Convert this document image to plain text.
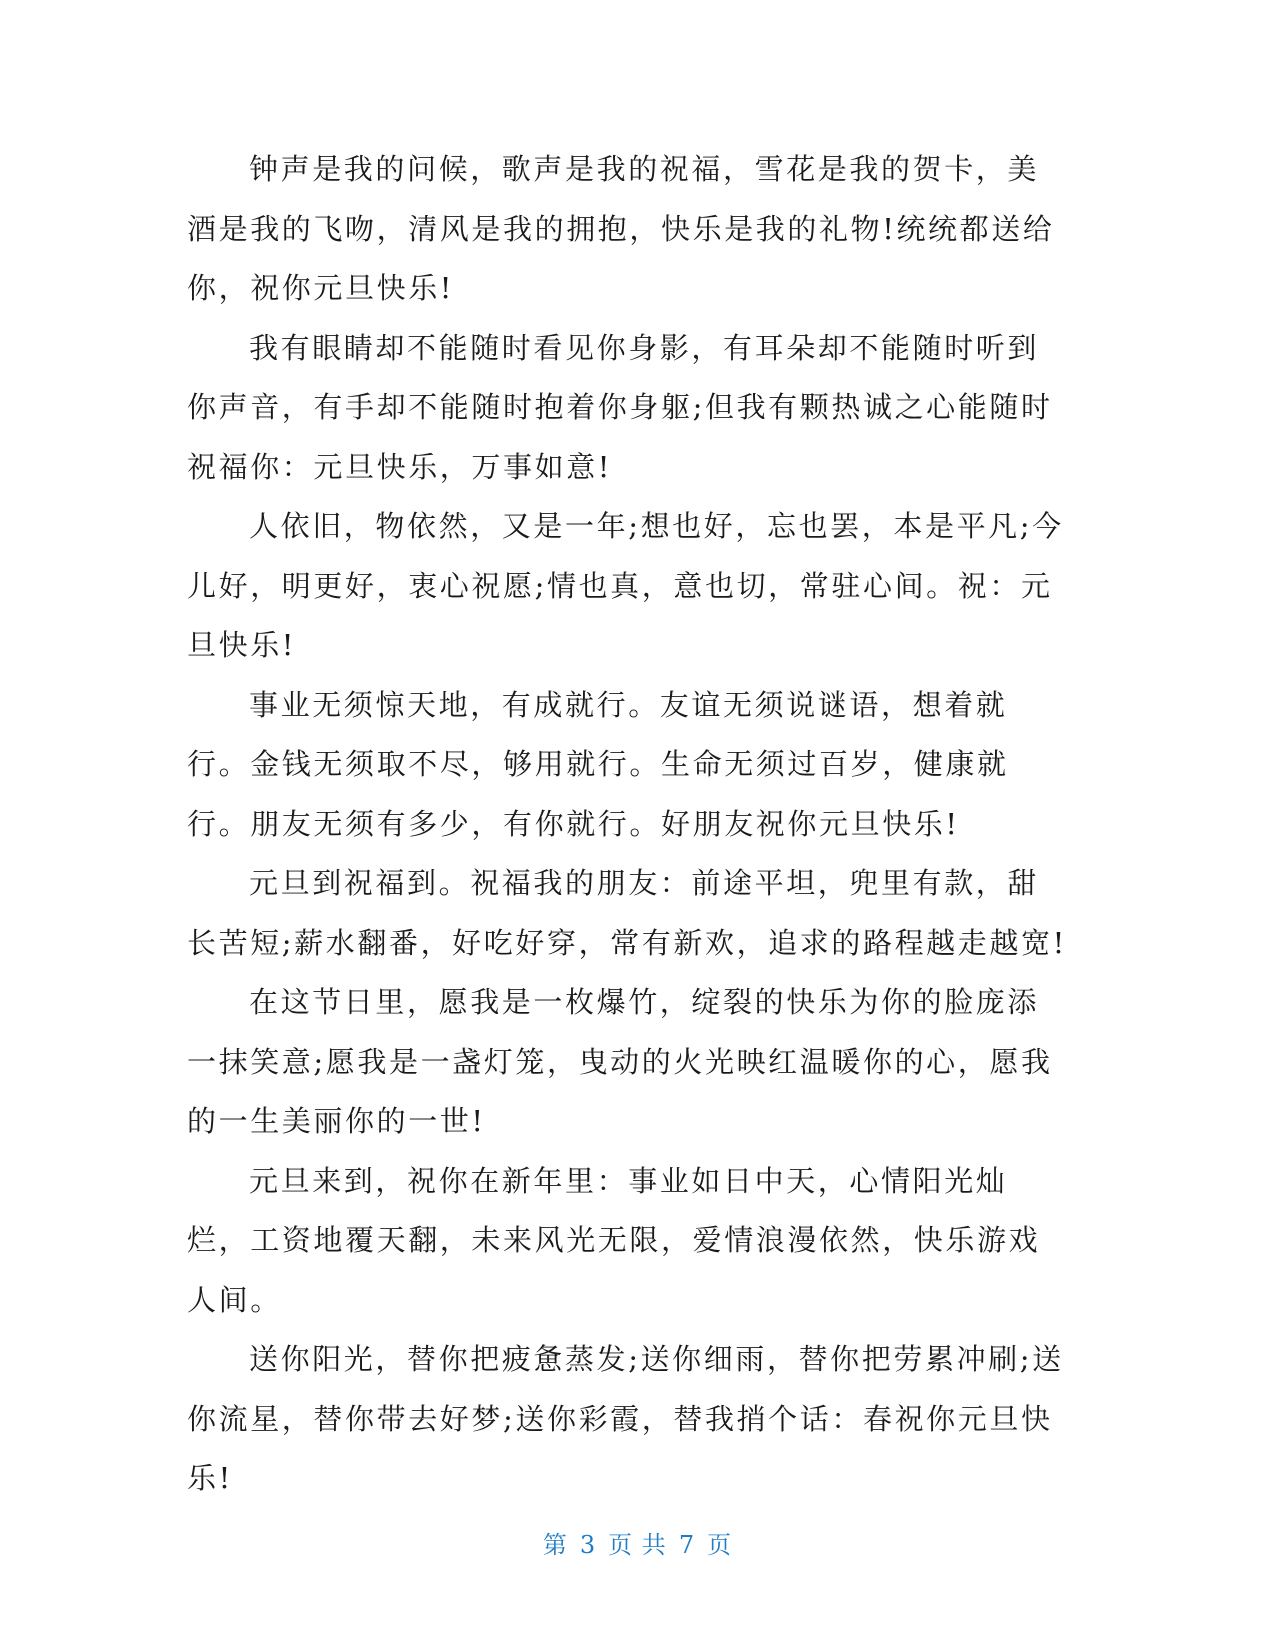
钟声是我的问候，歌声是我的祝福，雪花是我的贺卡，美酒是我的飞吻，清风是我的拥抱，快乐是我的礼物!统统都送给你，祝你元旦快乐!

我有眼睛却不能随时看见你身影，有耳朵却不能随时听到你声音，有手却不能随时抱着你身躯;但我有颗热诚之心能随时祝福你：元旦快乐，万事如意!

人依旧，物依然，又是一年;想也好，忘也罢，本是平凡;今儿好，明更好，衷心祝愿;情也真，意也切，常驻心间。祝：元旦快乐!

事业无须惊天地，有成就行。友谊无须说谜语，想着就行。金钱无须取不尽，够用就行。生命无须过百岁，健康就行。朋友无须有多少，有你就行。好朋友祝你元旦快乐!

元旦到祝福到。祝福我的朋友：前途平坦，兜里有款，甜长苦短;薪水翻番，好吃好穿，常有新欢，追求的路程越走越宽!

在这节日里，愿我是一枚爆竹，绽裂的快乐为你的脸庞添一抹笑意;愿我是一盏灯笼，曳动的火光映红温暖你的心，愿我的一生美丽你的一世!

元旦来到，祝你在新年里：事业如日中天，心情阳光灿烂，工资地覆天翻，未来风光无限，爱情浪漫依然，快乐游戏人间。

送你阳光，替你把疲惫蒸发;送你细雨，替你把劳累冲刷;送你流星，替你带去好梦;送你彩霞，替我捎个话：春祝你元旦快乐!

第 3 页 共 7 页
